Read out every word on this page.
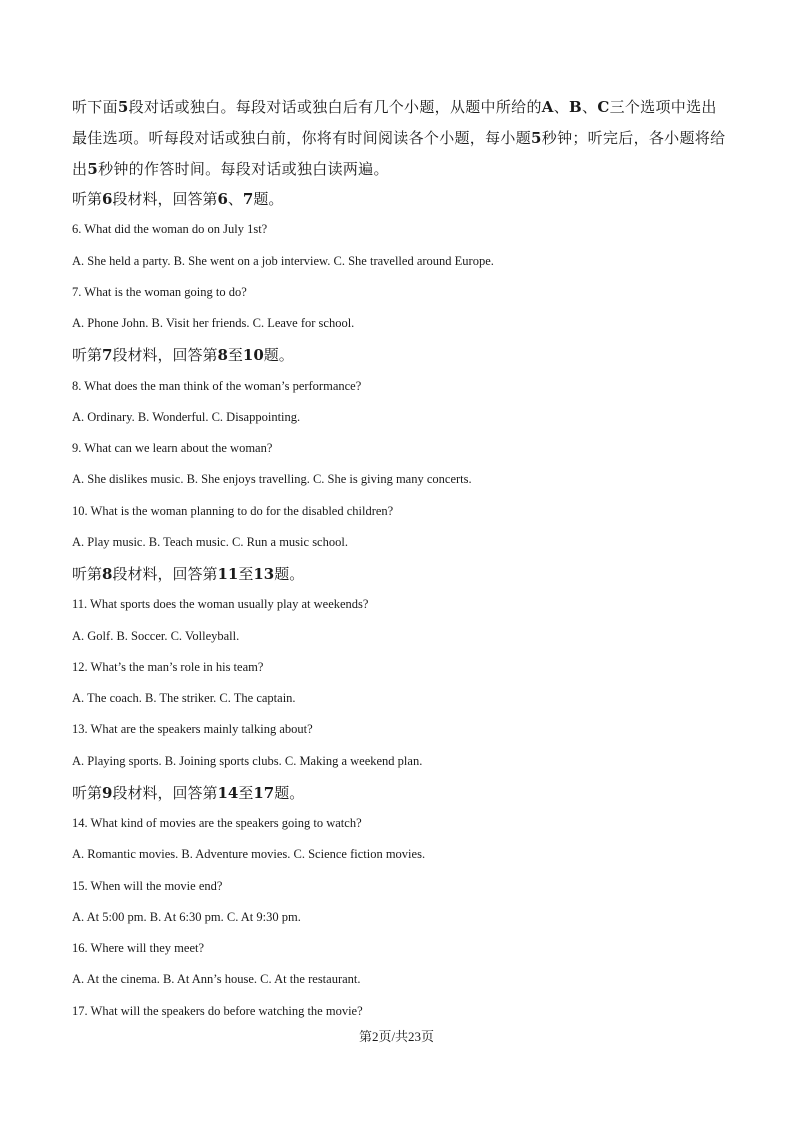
听下面5段对话或独白。每段对话或独白后有几个小题，从题中所给的A、B、C三个选项中选出最佳选项。听每段对话或独白前，你将有时间阅读各个小题，每小题5秒钟；听完后，各小题将给出5秒钟的作答时间。每段对话或独白读两遍。
听第6段材料，回答第6、7题。
6. What did the woman do on July 1st?
A. She held a party. B. She went on a job interview. C. She travelled around Europe.
7. What is the woman going to do?
A. Phone John. B. Visit her friends. C. Leave for school.
听第7段材料，回答第8至10题。
8. What does the man think of the woman’s performance?
A. Ordinary. B. Wonderful. C. Disappointing.
9. What can we learn about the woman?
A. She dislikes music. B. She enjoys travelling. C. She is giving many concerts.
10. What is the woman planning to do for the disabled children?
A. Play music. B. Teach music. C. Run a music school.
听第8段材料，回答第11至13题。
11. What sports does the woman usually play at weekends?
A. Golf. B. Soccer. C. Volleyball.
12. What’s the man’s role in his team?
A. The coach. B. The striker. C. The captain.
13. What are the speakers mainly talking about?
A. Playing sports. B. Joining sports clubs. C. Making a weekend plan.
听第9段材料，回答第14至17题。
14. What kind of movies are the speakers going to watch?
A. Romantic movies. B. Adventure movies. C. Science fiction movies.
15. When will the movie end?
A. At 5:00 pm. B. At 6:30 pm. C. At 9:30 pm.
16. Where will they meet?
A. At the cinema. B. At Ann’s house. C. At the restaurant.
17. What will the speakers do before watching the movie?
第2页/共23页
